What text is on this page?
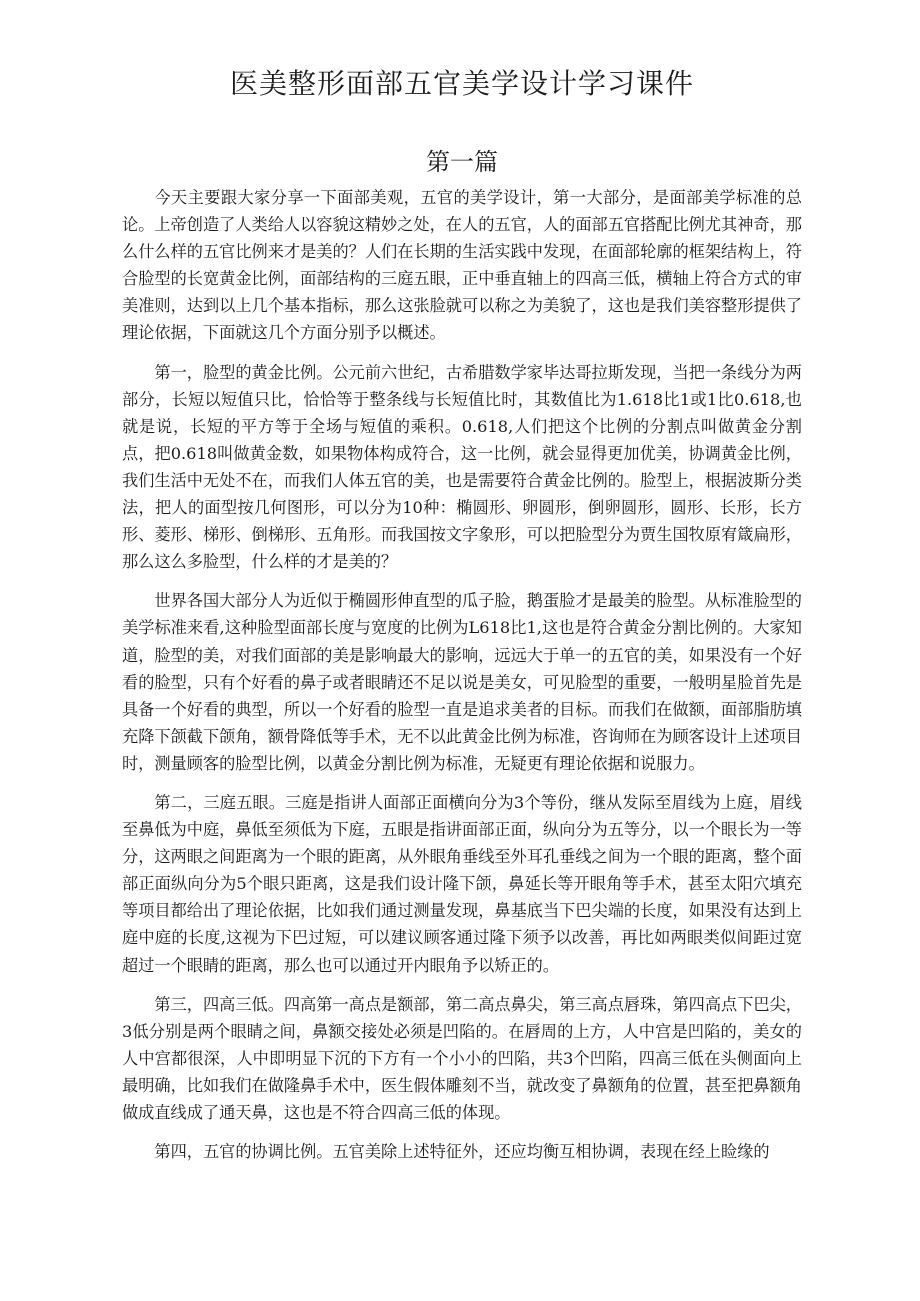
医美整形面部五官美学设计学习课件
第一篇

今天主要跟大家分享一下面部美观，五官的美学设计，第一大部分，是面部美学标准的总论。上帝创造了人类给人以容貌这精妙之处，在人的五官，人的面部五官搭配比例尤其神奇，那么什么样的五官比例来才是美的？人们在长期的生活实践中发现，在面部轮廓的框架结构上，符合脸型的长宽黄金比例，面部结构的三庭五眼，正中垂直轴上的四高三低，横轴上符合方式的审美准则，达到以上几个基本指标，那么这张脸就可以称之为美貌了，这也是我们美容整形提供了理论依据，下面就这几个方面分别予以概述。

第一，脸型的黄金比例。公元前六世纪，古希腊数学家毕达哥拉斯发现，当把一条线分为两部分，长短以短值只比，恰恰等于整条线与长短值比时，其数值比为1.618比1或1比0.618,也就是说，长短的平方等于全场与短值的乘积。0.618,人们把这个比例的分割点叫做黄金分割点，把0.618叫做黄金数，如果物体构成符合，这一比例，就会显得更加优美，协调黄金比例，我们生活中无处不在，而我们人体五官的美，也是需要符合黄金比例的。脸型上，根据波斯分类法，把人的面型按几何图形，可以分为10种：椭圆形、卵圆形，倒卵圆形，圆形、长形，长方形、菱形、梯形、倒梯形、五角形。而我国按文字象形，可以把脸型分为贾生国牧原宥箴扁形，那么这么多脸型，什么样的才是美的？

世界各国大部分人为近似于椭圆形伸直型的瓜子脸，鹅蛋脸才是最美的脸型。从标准脸型的美学标准来看,这种脸型面部长度与宽度的比例为L618比1,这也是符合黄金分割比例的。大家知道，脸型的美，对我们面部的美是影响最大的影响，远远大于单一的五官的美，如果没有一个好看的脸型，只有个好看的鼻子或者眼睛还不足以说是美女，可见脸型的重要，一般明星脸首先是具备一个好看的典型，所以一个好看的脸型一直是追求美者的目标。而我们在做额，面部脂肪填充降下颌截下颌角，额骨降低等手术，无不以此黄金比例为标准，咨询师在为顾客设计上述项目时，测量顾客的脸型比例，以黄金分割比例为标准，无疑更有理论依据和说服力。

第二，三庭五眼。三庭是指讲人面部正面横向分为3个等份，继从发际至眉线为上庭，眉线至鼻低为中庭，鼻低至须低为下庭，五眼是指讲面部正面，纵向分为五等分，以一个眼长为一等分，这两眼之间距离为一个眼的距离，从外眼角垂线至外耳孔垂线之间为一个眼的距离，整个面部正面纵向分为5个眼只距离，这是我们设计隆下颌，鼻延长等开眼角等手术，甚至太阳穴填充等项目都给出了理论依据，比如我们通过测量发现，鼻基底当下巴尖端的长度，如果没有达到上庭中庭的长度,这视为下巴过短，可以建议顾客通过隆下须予以改善，再比如两眼类似间距过宽超过一个眼睛的距离，那么也可以通过开内眼角予以矫正的。

第三，四高三低。四高第一高点是额部，第二高点鼻尖，第三高点唇珠，第四高点下巴尖，3低分别是两个眼睛之间，鼻额交接处必须是凹陷的。在唇周的上方，人中宫是凹陷的，美女的人中宫都很深，人中即明显下沉的下方有一个小小的凹陷，共3个凹陷，四高三低在头侧面向上最明确，比如我们在做隆鼻手术中，医生假体雕刻不当，就改变了鼻额角的位置，甚至把鼻额角做成直线成了通天鼻，这也是不符合四高三低的体现。

第四，五官的协调比例。五官美除上述特征外，还应均衡互相协调，表现在经上睑缘的
